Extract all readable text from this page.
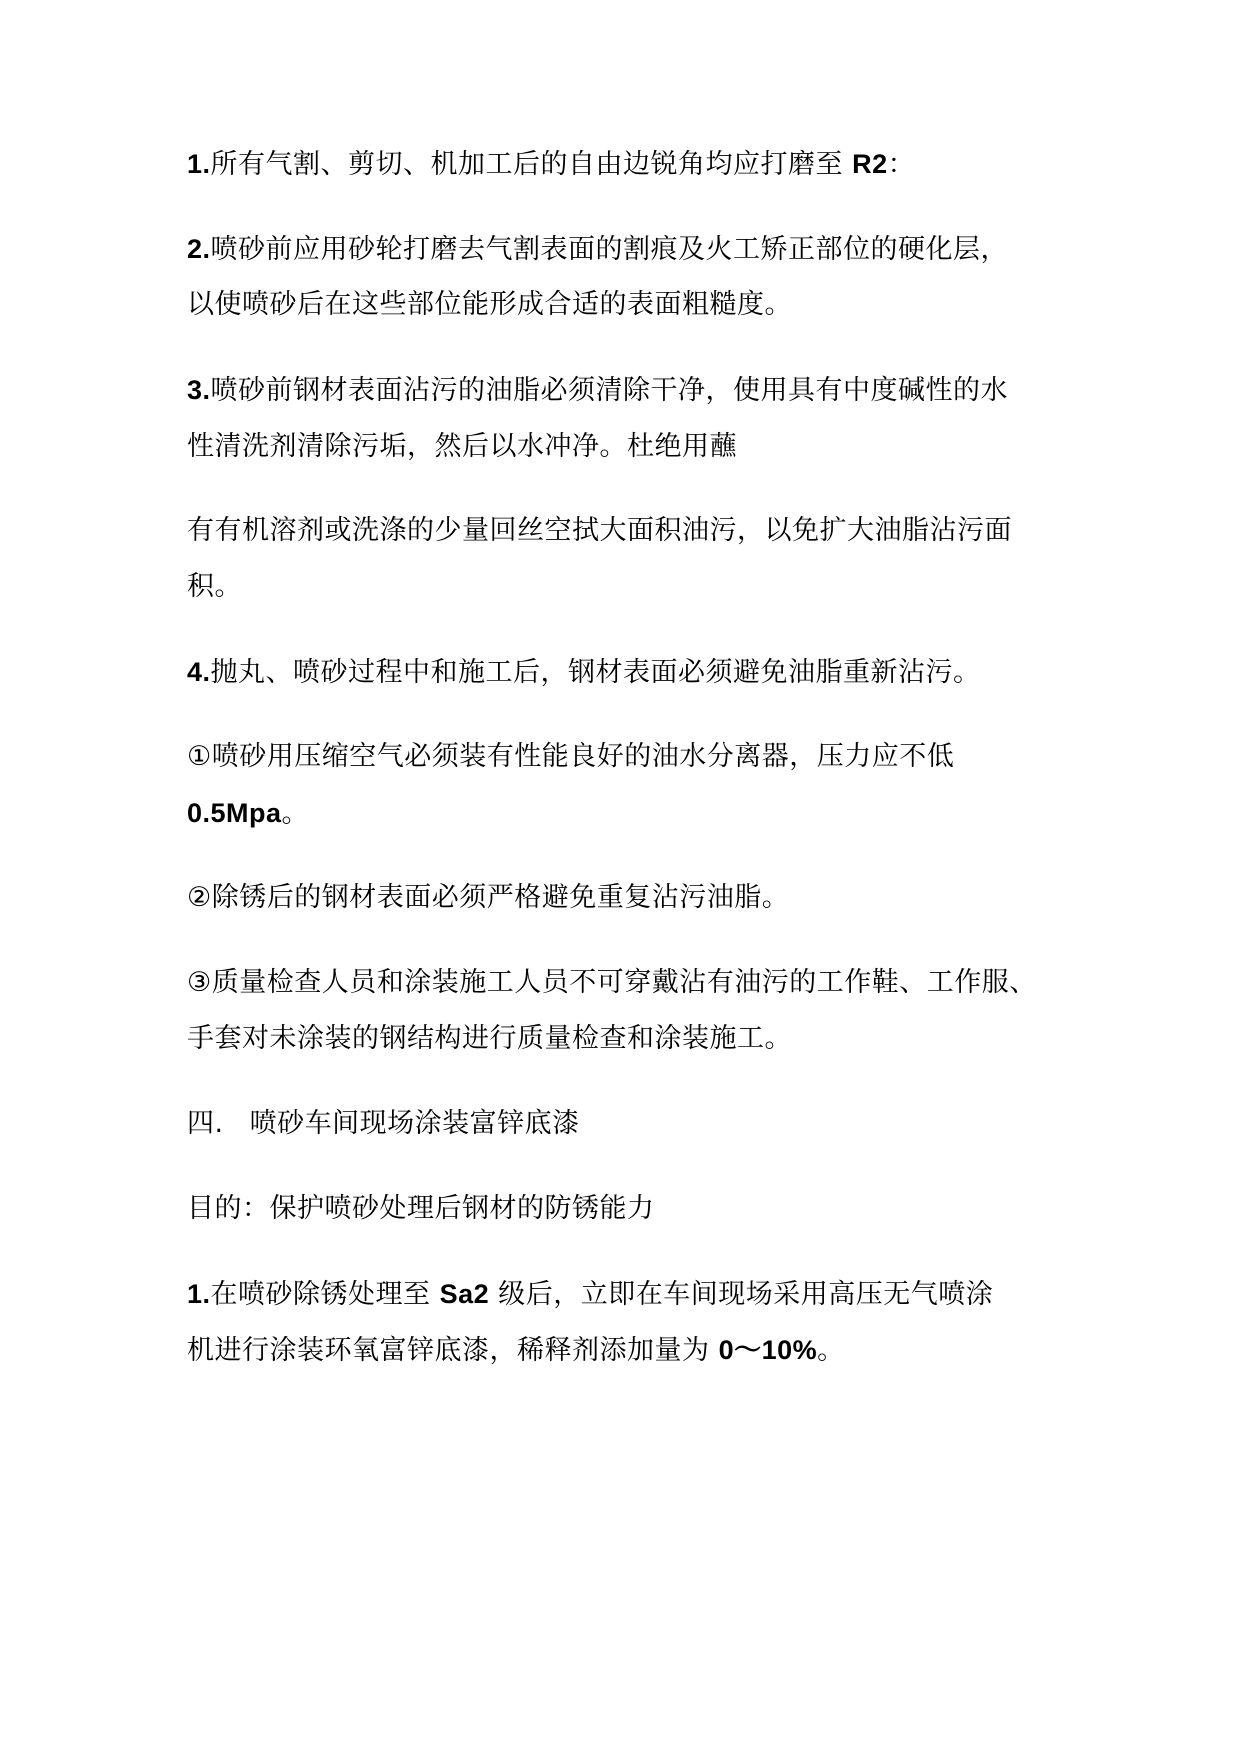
1.所有气割、剪切、机加工后的自由边锐角均应打磨至 R2：

2.喷砂前应用砂轮打磨去气割表面的割痕及火工矫正部位的硬化层，

以使喷砂后在这些部位能形成合适的表面粗糙度。

3.喷砂前钢材表面沾污的油脂必须清除干净，使用具有中度碱性的水

性清洗剂清除污垢，然后以水冲净。杜绝用蘸

有有机溶剂或洗涤的少量回丝空拭大面积油污，以免扩大油脂沾污面

积。

4.抛丸、喷砂过程中和施工后，钢材表面必须避免油脂重新沾污。

①喷砂用压缩空气必须装有性能良好的油水分离器，压力应不低

0.5Mpa。

②除锈后的钢材表面必须严格避免重复沾污油脂。

③质量检查人员和涂装施工人员不可穿戴沾有油污的工作鞋、工作服、

手套对未涂装的钢结构进行质量检查和涂装施工。

四. 喷砂车间现场涂装富锌底漆

目的：保护喷砂处理后钢材的防锈能力

1.在喷砂除锈处理至 Sa2 级后，立即在车间现场采用高压无气喷涂

机进行涂装环氧富锌底漆，稀释剂添加量为 0～10%。
